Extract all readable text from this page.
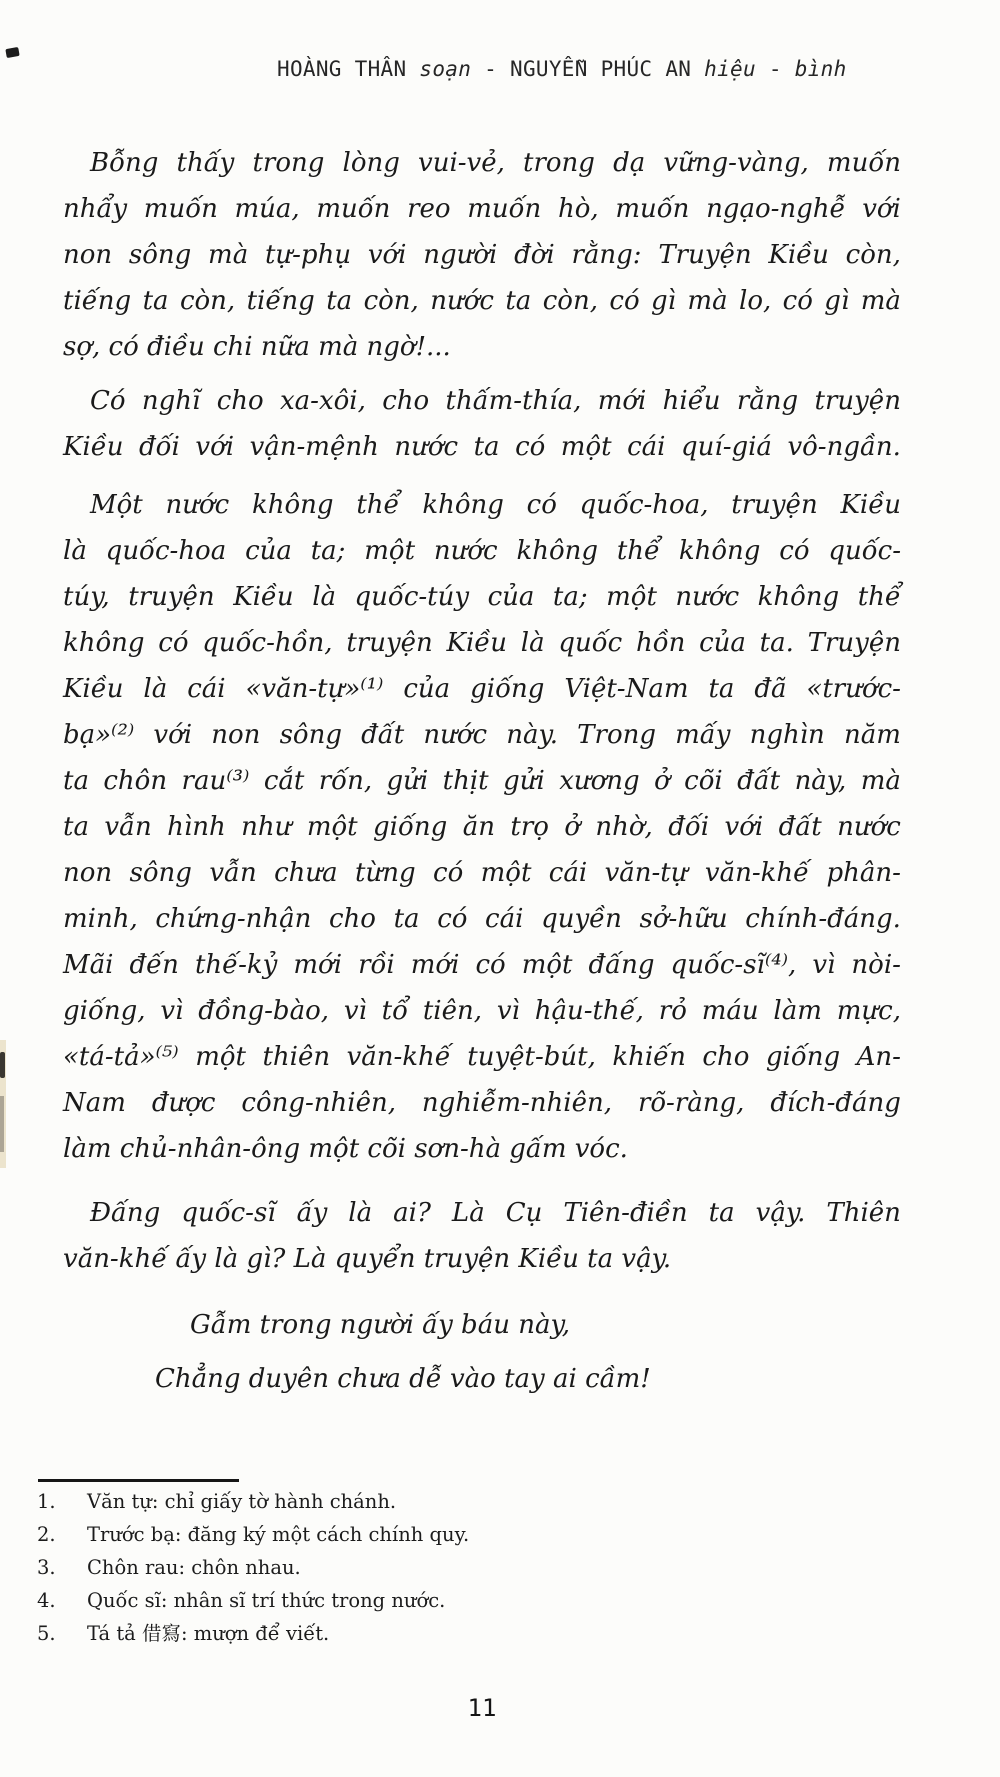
HOÀNG THÂN soạn - NGUYỄN PHÚC AN hiệu - bình
Bỗng thấy trong lòng vui-vẻ, trong dạ vững-vàng, muốn
nhẩy muốn múa, muốn reo muốn hò, muốn ngạo-nghễ với
non sông mà tự-phụ với người đời rằng: Truyện Kiều còn,
tiếng ta còn, tiếng ta còn, nước ta còn, có gì mà lo, có gì mà
sợ, có điều chi nữa mà ngờ!...
Có nghĩ cho xa-xôi, cho thấm-thía, mới hiểu rằng truyện
Kiều đối với vận-mệnh nước ta có một cái quí-giá vô-ngần.
Một nước không thể không có quốc-hoa, truyện Kiều
là quốc-hoa của ta; một nước không thể không có quốc-
túy, truyện Kiều là quốc-túy của ta; một nước không thể
không có quốc-hồn, truyện Kiều là quốc hồn của ta. Truyện
Kiều là cái «văn-tự»⁽¹⁾ của giống Việt-Nam ta đã «trước-
bạ»⁽²⁾ với non sông đất nước này. Trong mấy nghìn năm
ta chôn rau⁽³⁾ cắt rốn, gửi thịt gửi xương ở cõi đất này, mà
ta vẫn hình như một giống ăn trọ ở nhờ, đối với đất nước
non sông vẫn chưa từng có một cái văn-tự văn-khế phân-
minh, chứng-nhận cho ta có cái quyền sở-hữu chính-đáng.
Mãi đến thế-kỷ mới rồi mới có một đấng quốc-sĩ⁽⁴⁾, vì nòi-
giống, vì đồng-bào, vì tổ tiên, vì hậu-thế, rỏ máu làm mực,
«tá-tả»⁽⁵⁾ một thiên văn-khế tuyệt-bút, khiến cho giống An-
Nam được công-nhiên, nghiễm-nhiên, rõ-ràng, đích-đáng
làm chủ-nhân-ông một cõi sơn-hà gấm vóc.
Đấng quốc-sĩ ấy là ai? Là Cụ Tiên-điền ta vậy. Thiên
văn-khế ấy là gì? Là quyển truyện Kiều ta vậy.
Gẫm trong người ấy báu này,
Chẳng duyên chưa dễ vào tay ai cầm!
1.	Văn tự: chỉ giấy tờ hành chánh.
2.	Trước bạ: đăng ký một cách chính quy.
3.	Chôn rau: chôn nhau.
4.	Quốc sĩ: nhân sĩ trí thức trong nước.
5.	Tá tả 借寫: mượn để viết.
11
